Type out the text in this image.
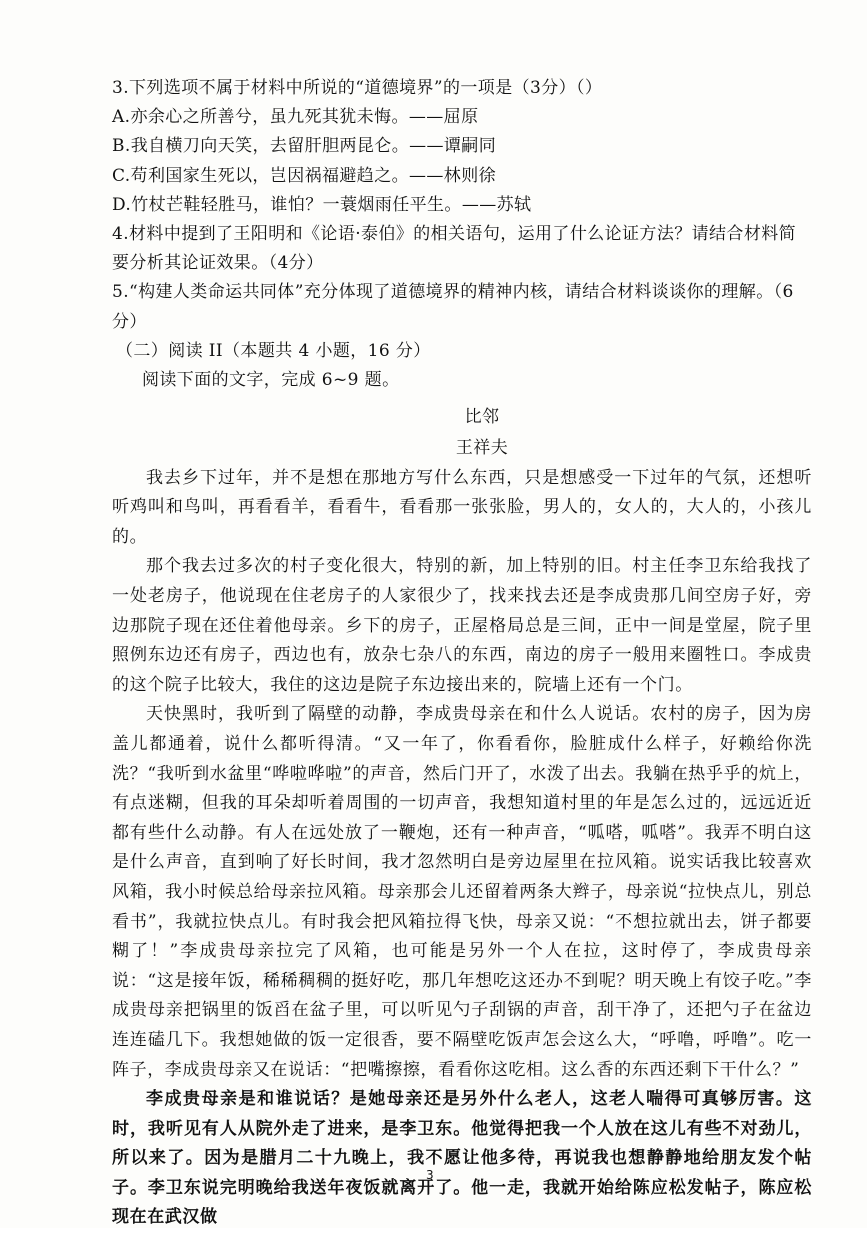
3.下列选项不属于材料中所说的“道德境界”的一项是（3分）（）
A.亦余心之所善兮，虽九死其犹未悔。——屈原
B.我自横刀向天笑，去留肝胆两昆仑。——谭嗣同
C.苟利国家生死以，岂因祸福避趋之。——林则徐
D.竹杖芒鞋轻胜马，谁怕？一蓑烟雨任平生。——苏轼
4.材料中提到了王阳明和《论语·泰伯》的相关语句，运用了什么论证方法？请结合材料简
要分析其论证效果。（4分）
5.“构建人类命运共同体”充分体现了道德境界的精神内核，请结合材料谈谈你的理解。（6
分）
（二）阅读 II（本题共 4 小题，16 分）
阅读下面的文字，完成 6~9 题。
比邻
王祥夫
我去乡下过年，并不是想在那地方写什么东西，只是想感受一下过年的气氛，还想听听鸡叫和鸟叫，再看看羊，看看牛，看看那一张张脸，男人的，女人的，大人的，小孩儿的。
那个我去过多次的村子变化很大，特别的新，加上特别的旧。村主任李卫东给我找了一处老房子，他说现在住老房子的人家很少了，找来找去还是李成贵那几间空房子好，旁边那院子现在还住着他母亲。乡下的房子，正屋格局总是三间，正中一间是堂屋，院子里照例东边还有房子，西边也有，放杂七杂八的东西，南边的房子一般用来圈牲口。李成贵的这个院子比较大，我住的这边是院子东边接出来的，院墙上还有一个门。
天快黑时，我听到了隔壁的动静，李成贵母亲在和什么人说话。农村的房子，因为房盖儿都通着，说什么都听得清。“又一年了，你看看你，脸脏成什么样子，好赖给你洗洗？“我听到水盆里“哗啦哗啦”的声音，然后门开了，水泼了出去。我躺在热乎乎的炕上，有点迷糊，但我的耳朵却听着周围的一切声音，我想知道村里的年是怎么过的，远远近近都有些什么动静。有人在远处放了一鞭炮，还有一种声音，“呱嗒，呱嗒”。我弄不明白这是什么声音，直到响了好长时间，我才忽然明白是旁边屋里在拉风箱。说实话我比较喜欢风箱，我小时候总给母亲拉风箱。母亲那会儿还留着两条大辫子，母亲说“拉快点儿，别总看书”，我就拉快点儿。有时我会把风箱拉得飞快，母亲又说：“不想拉就出去，饼子都要糊了！”李成贵母亲拉完了风箱，也可能是另外一个人在拉，这时停了，李成贵母亲说：“这是接年饭，稀稀稠稠的挺好吃，那几年想吃这还办不到呢？明天晚上有饺子吃。”李成贵母亲把锅里的饭舀在盆子里，可以听见勺子刮锅的声音，刮干净了，还把勺子在盆边连连磕几下。我想她做的饭一定很香，要不隔壁吃饭声怎会这么大，“呼噜，呼噜”。吃一阵子，李成贵母亲又在说话：“把嘴擦擦，看看你这吃相。这么香的东西还剩下干什么？”
李成贵母亲是和谁说话？是她母亲还是另外什么老人，这老人喘得可真够厉害。这时，我听见有人从院外走了进来，是李卫东。他觉得把我一个人放在这儿有些不对劲儿，所以来了。因为是腊月二十九晚上，我不愿让他多待，再说我也想静静地给朋友发个帖子。李卫东说完明晚给我送年夜饭就离开了。他一走，我就开始给陈应松发帖子，陈应松现在在武汉做
3
